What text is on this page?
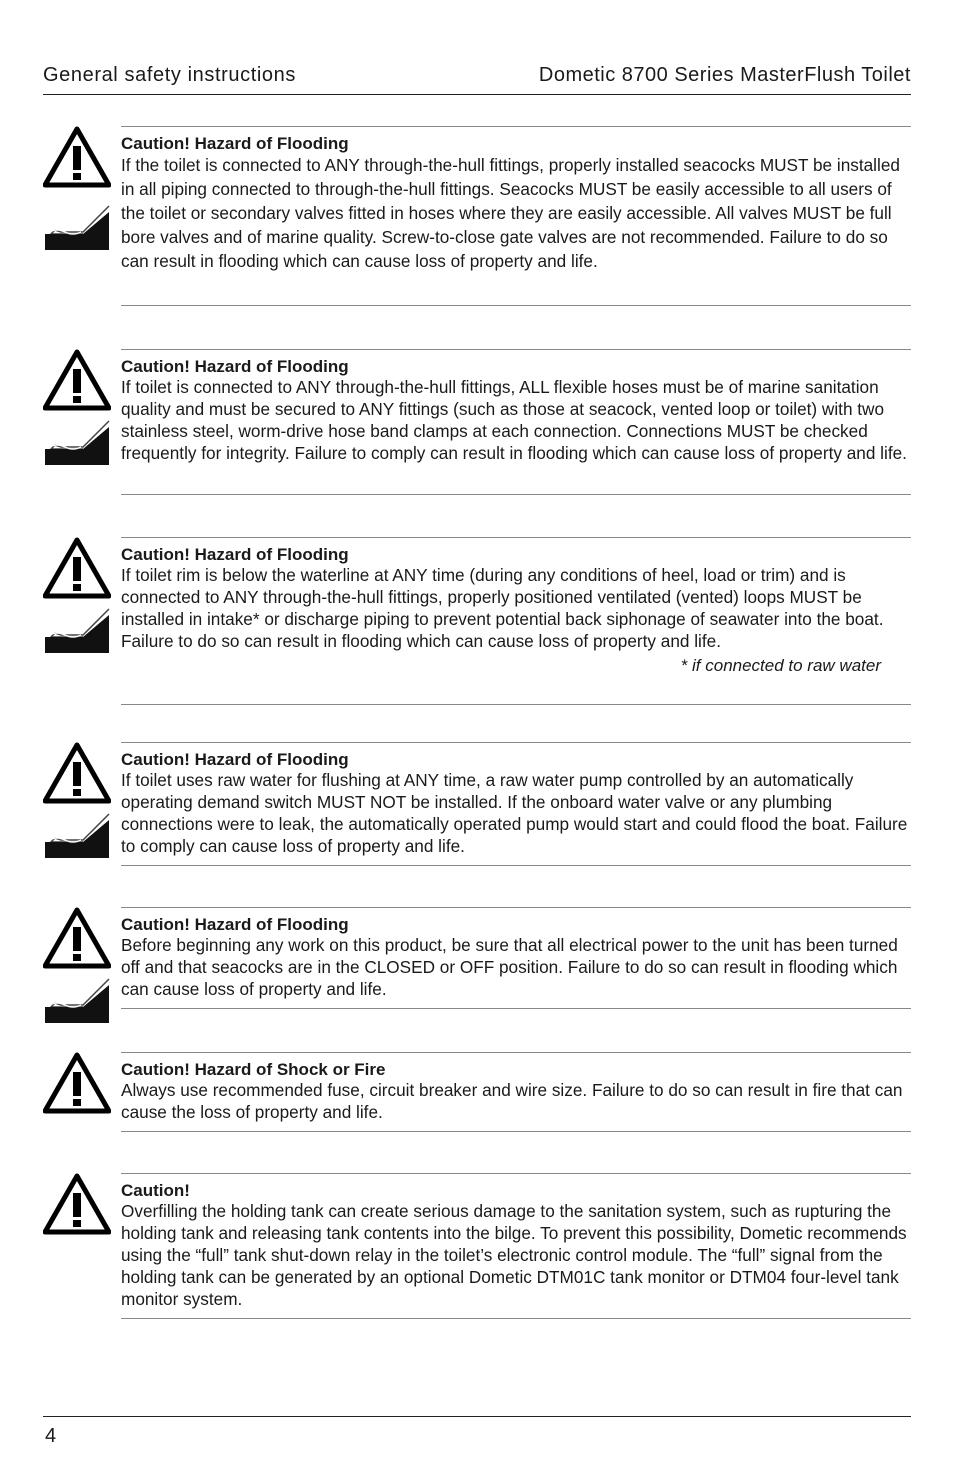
General safety instructions	Dometic 8700 Series MasterFlush Toilet
Caution! Hazard of Flooding
If the toilet is connected to ANY through-the-hull fittings, properly installed seacocks MUST be installed in all piping connected to through-the-hull fittings. Seacocks MUST be easily accessible to all users of the toilet or secondary valves fitted in hoses where they are easily accessible. All valves MUST be full bore valves and of marine quality. Screw-to-close gate valves are not recommended. Failure to do so can result in flooding which can cause loss of property and life.
Caution! Hazard of Flooding
If toilet is connected to ANY through-the-hull fittings, ALL flexible hoses must be of marine sanitation quality and must be secured to ANY fittings (such as those at seacock, vented loop or toilet) with two stainless steel, worm-drive hose band clamps at each connection. Connections MUST be checked frequently for integrity. Failure to comply can result in flooding which can cause loss of property and life.
Caution! Hazard of Flooding
If toilet rim is below the waterline at ANY time (during any conditions of heel, load or trim) and is connected to ANY through-the-hull fittings, properly positioned ventilated (vented) loops MUST be installed in intake* or discharge piping to prevent potential back siphonage of seawater into the boat. Failure to do so can result in flooding which can cause loss of property and life.
* if connected to raw water
Caution! Hazard of Flooding
If toilet uses raw water for flushing at ANY time, a raw water pump controlled by an automatically operating demand switch MUST NOT be installed. If the onboard water valve or any plumbing connections were to leak, the automatically operated pump would start and could flood the boat. Failure to comply can cause loss of property and life.
Caution! Hazard of Flooding
Before beginning any work on this product, be sure that all electrical power to the unit has been turned off and that seacocks are in the CLOSED or OFF position. Failure to do so can result in flooding which can cause loss of property and life.
Caution! Hazard of Shock or Fire
Always use recommended fuse, circuit breaker and wire size. Failure to do so can result in fire that can cause the loss of property and life.
Caution!
Overfilling the holding tank can create serious damage to the sanitation system, such as rupturing the holding tank and releasing tank contents into the bilge. To prevent this possibility, Dometic recommends using the “full” tank shut-down relay in the toilet’s electronic control module. The “full” signal from the holding tank can be generated by an optional Dometic DTM01C tank monitor or DTM04 four-level tank monitor system.
4
